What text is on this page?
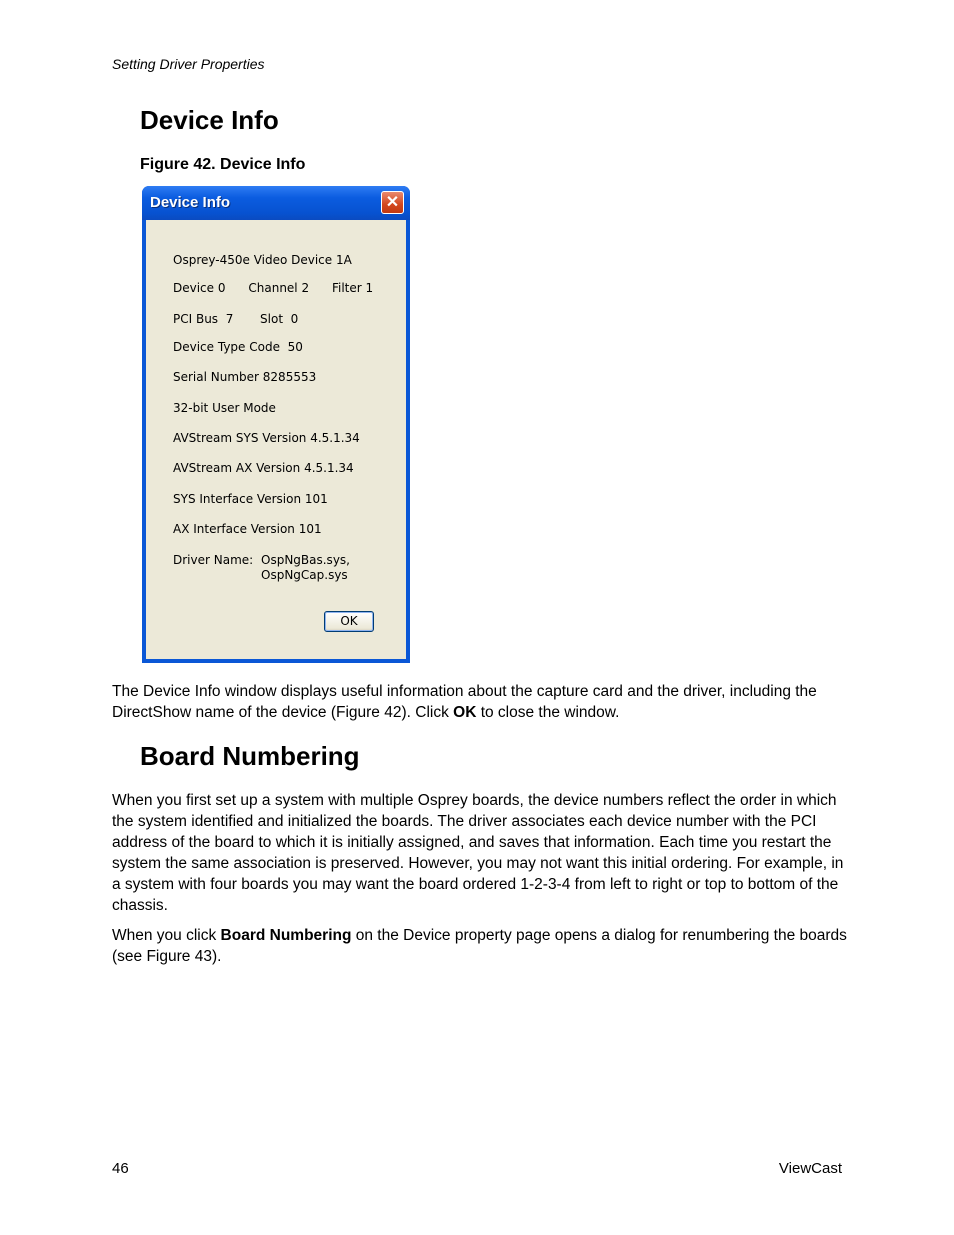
Setting Driver Properties
Device Info
Figure 42. Device Info
Device Info	✕
Osprey-450e Video Device 1A
Device 0      Channel 2      Filter 1
PCI Bus  7       Slot  0
Device Type Code  50
Serial Number 8285553
32-bit User Mode
AVStream SYS Version 4.5.1.34
AVStream AX Version 4.5.1.34
SYS Interface Version 101
AX Interface Version 101
Driver Name: OspNgBas.sys,
OspNgCap.sys
OK

The Device Info window displays useful information about the capture card and the driver, including the DirectShow name of the device (Figure 42). Click OK to close the window.

Board Numbering

When you first set up a system with multiple Osprey boards, the device numbers reflect the order in which the system identified and initialized the boards. The driver associates each device number with the PCI address of the board to which it is initially assigned, and saves that information. Each time you restart the system the same association is preserved. However, you may not want this initial ordering. For example, in a system with four boards you may want the board ordered 1-2-3-4 from left to right or top to bottom of the chassis.

When you click Board Numbering on the Device property page opens a dialog for renumbering the boards (see Figure 43).

46	ViewCast
